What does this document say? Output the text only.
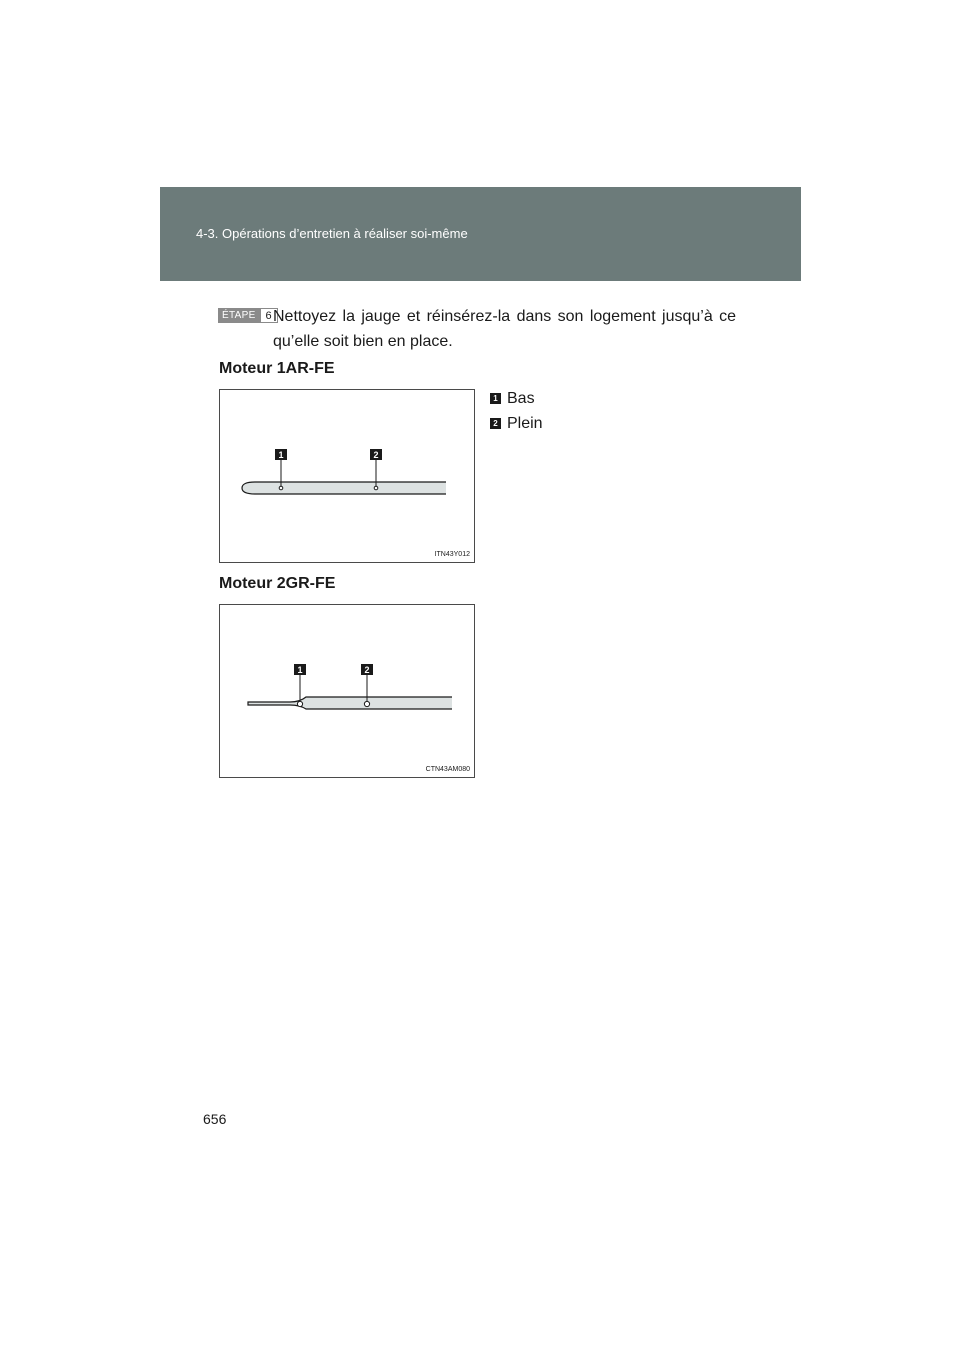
4-3. Opérations d’entretien à réaliser soi-même
ÉTAPE 6 Nettoyez la jauge et réinsérez-la dans son logement jusqu’à ce qu’elle soit bien en place.
Moteur 1AR-FE
1	2
ITN43Y012
1 Bas
2 Plein
Moteur 2GR-FE
1	2
CTN43AM080
656
